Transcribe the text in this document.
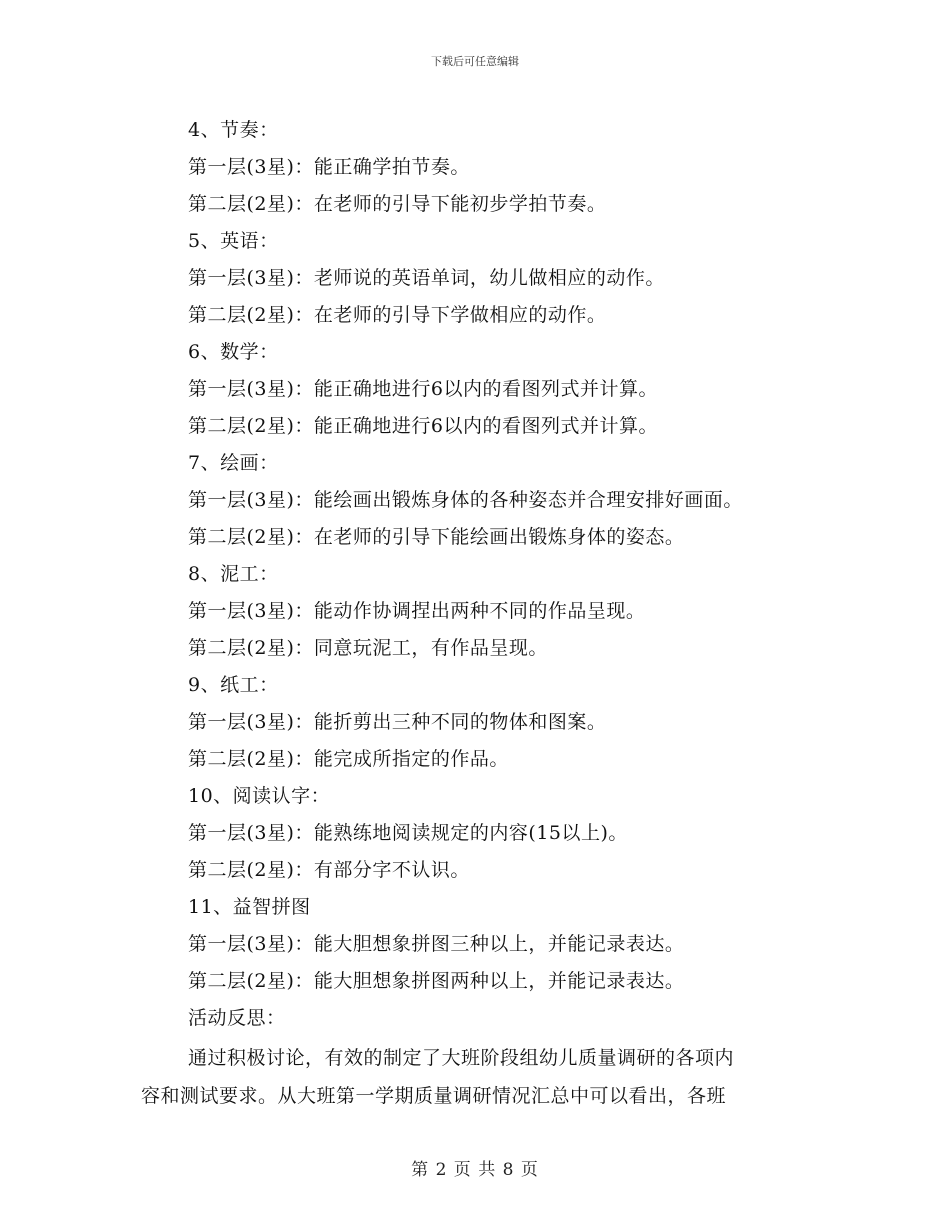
下载后可任意编辑
4、节奏：
第一层(3星)：能正确学拍节奏。
第二层(2星)：在老师的引导下能初步学拍节奏。
5、英语：
第一层(3星)：老师说的英语单词，幼儿做相应的动作。
第二层(2星)：在老师的引导下学做相应的动作。
6、数学：
第一层(3星)：能正确地进行6以内的看图列式并计算。
第二层(2星)：能正确地进行6以内的看图列式并计算。
7、绘画：
第一层(3星)：能绘画出锻炼身体的各种姿态并合理安排好画面。
第二层(2星)：在老师的引导下能绘画出锻炼身体的姿态。
8、泥工：
第一层(3星)：能动作协调捏出两种不同的作品呈现。
第二层(2星)：同意玩泥工，有作品呈现。
9、纸工：
第一层(3星)：能折剪出三种不同的物体和图案。
第二层(2星)：能完成所指定的作品。
10、阅读认字：
第一层(3星)：能熟练地阅读规定的内容(15以上)。
第二层(2星)：有部分字不认识。
11、益智拼图
第一层(3星)：能大胆想象拼图三种以上，并能记录表达。
第二层(2星)：能大胆想象拼图两种以上，并能记录表达。
活动反思：
通过积极讨论，有效的制定了大班阶段组幼儿质量调研的各项内
容和测试要求。从大班第一学期质量调研情况汇总中可以看出，各班
第 2 页 共 8 页
